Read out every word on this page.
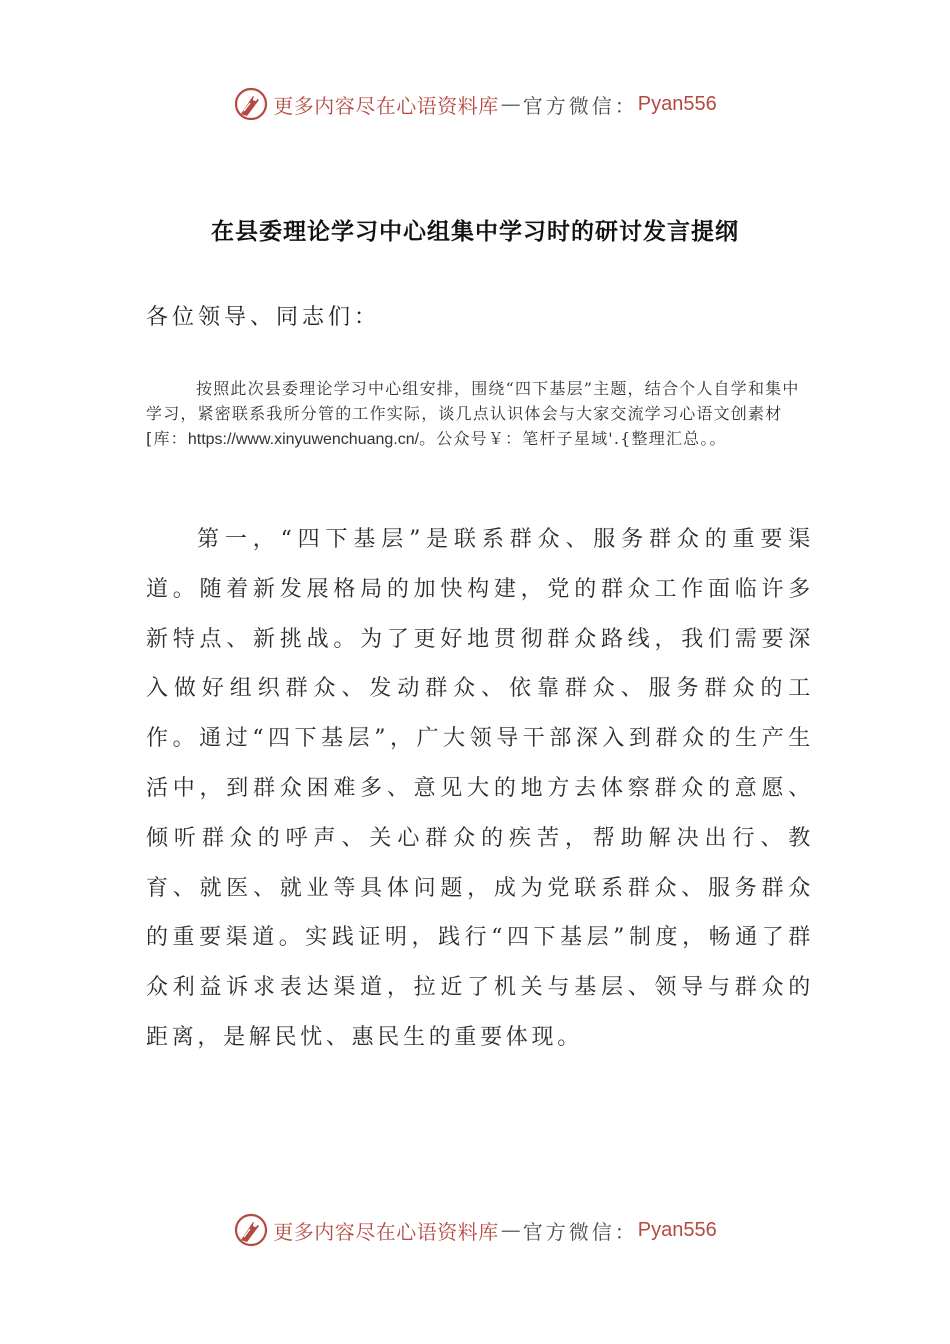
更多内容尽在心语资料库 — 官方微信： Pyan556
在县委理论学习中心组集中学习时的研讨发言提纲
各位领导、同志们：

按照此次县委理论学习中心组安排，围绕“四下基层”主题，结合个人自学和集中学习，紧密联系我所分管的工作实际，谈几点认识体会与大家交流学习心语文创素材[库：https://www.xinyuwenchuang.cn/。公众号￥：笔杆子星域'.{整理汇总。。

第一，“四下基层”是联系群众、服务群众的重要渠道。随着新发展格局的加快构建，党的群众工作面临许多新特点、新挑战。为了更好地贯彻群众路线，我们需要深入做好组织群众、发动群众、依靠群众、服务群众的工作。通过“四下基层”，广大领导干部深入到群众的生产生活中，到群众困难多、意见大的地方去体察群众的意愿、倾听群众的呼声、关心群众的疾苦，帮助解决出行、教育、就医、就业等具体问题，成为党联系群众、服务群众的重要渠道。实践证明，践行“四下基层”制度，畅通了群众利益诉求表达渠道，拉近了机关与基层、领导与群众的距离，是解民忧、惠民生的重要体现。

更多内容尽在心语资料库 — 官方微信： Pyan556
